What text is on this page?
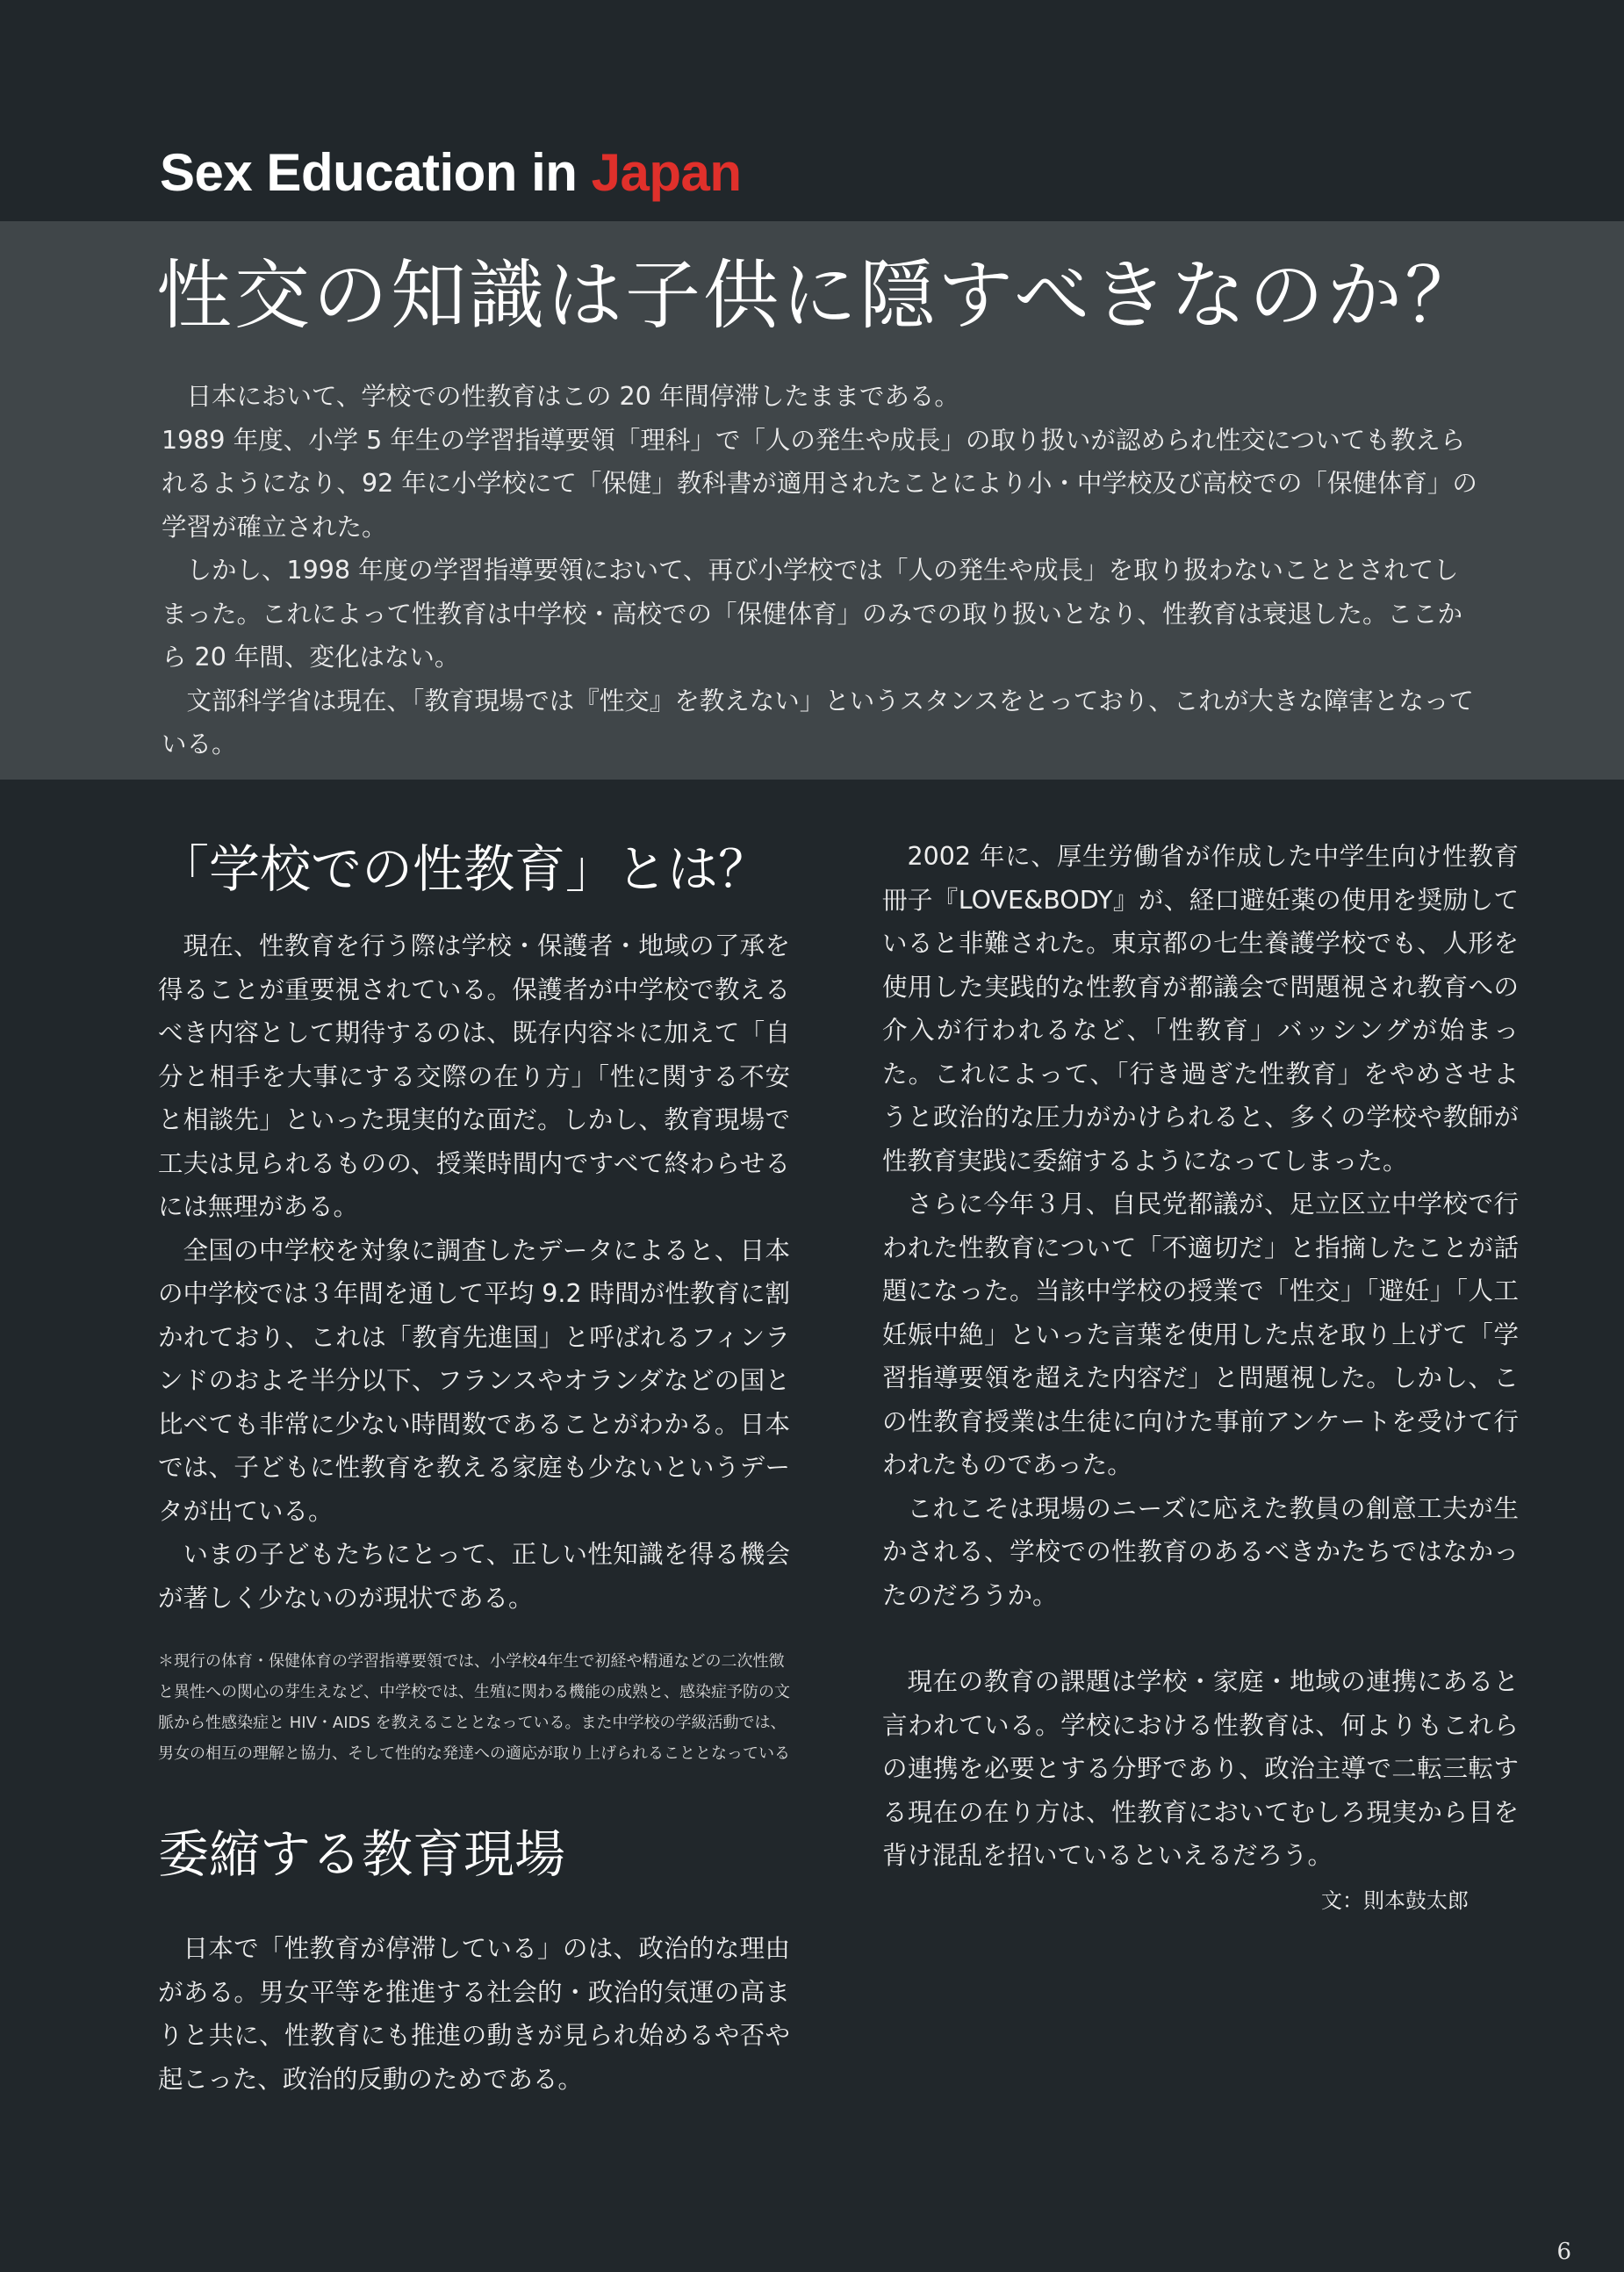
Sex Education in Japan
性交の知識は子供に隠すべきなのか？

日本において、学校での性教育はこの 20 年間停滞したままである。

1989 年度、小学 5 年生の学習指導要領「理科」で「人の発生や成長」の取り扱いが認められ性交についても教えられるようになり、92 年に小学校にて「保健」教科書が適用されたことにより小・中学校及び高校での「保健体育」の学習が確立された。

しかし、1998 年度の学習指導要領において、再び小学校では「人の発生や成長」を取り扱わないこととされてしまった。これによって性教育は中学校・高校での「保健体育」のみでの取り扱いとなり、性教育は衰退した。ここから 20 年間、変化はない。

文部科学省は現在、「教育現場では『性交』を教えない」というスタンスをとっており、これが大きな障害となっている。

「学校での性教育」とは？

現在、性教育を行う際は学校・保護者・地域の了承を得ることが重要視されている。保護者が中学校で教えるべき内容として期待するのは、既存内容＊に加えて「自分と相手を大事にする交際の在り方」「性に関する不安と相談先」といった現実的な面だ。しかし、教育現場で工夫は見られるものの、授業時間内ですべて終わらせるには無理がある。

全国の中学校を対象に調査したデータによると、日本の中学校では３年間を通して平均 9.2 時間が性教育に割かれており、これは「教育先進国」と呼ばれるフィンランドのおよそ半分以下、フランスやオランダなどの国と比べても非常に少ない時間数であることがわかる。日本では、子どもに性教育を教える家庭も少ないというデータが出ている。

いまの子どもたちにとって、正しい性知識を得る機会が著しく少ないのが現状である。

＊現行の体育・保健体育の学習指導要領では、小学校4年生で初経や精通などの二次性徴と異性への関心の芽生えなど、中学校では、生殖に関わる機能の成熟と、感染症予防の文脈から性感染症と HIV・AIDS を教えることとなっている。また中学校の学級活動では、男女の相互の理解と協力、そして性的な発達への適応が取り上げられることとなっている
委縮する教育現場

日本で「性教育が停滞している」のは、政治的な理由がある。男女平等を推進する社会的・政治的気運の高まりと共に、性教育にも推進の動きが見られ始めるや否や起こった、政治的反動のためである。

2002 年に、厚生労働省が作成した中学生向け性教育冊子『LOVE&BODY』が、経口避妊薬の使用を奨励していると非難された。東京都の七生養護学校でも、人形を使用した実践的な性教育が都議会で問題視され教育への介入が行われるなど、「性教育」バッシングが始まった。これによって、「行き過ぎた性教育」をやめさせようと政治的な圧力がかけられると、多くの学校や教師が性教育実践に委縮するようになってしまった。

さらに今年３月、自民党都議が、足立区立中学校で行われた性教育について「不適切だ」と指摘したことが話題になった。当該中学校の授業で「性交」「避妊」「人工妊娠中絶」といった言葉を使用した点を取り上げて「学習指導要領を超えた内容だ」と問題視した。しかし、この性教育授業は生徒に向けた事前アンケートを受けて行われたものであった。

これこそは現場のニーズに応えた教員の創意工夫が生かされる、学校での性教育のあるべきかたちではなかったのだろうか。

現在の教育の課題は学校・家庭・地域の連携にあると言われている。学校における性教育は、何よりもこれらの連携を必要とする分野であり、政治主導で二転三転する現在の在り方は、性教育においてむしろ現実から目を背け混乱を招いているといえるだろう。

文：則本鼓太郎
6
